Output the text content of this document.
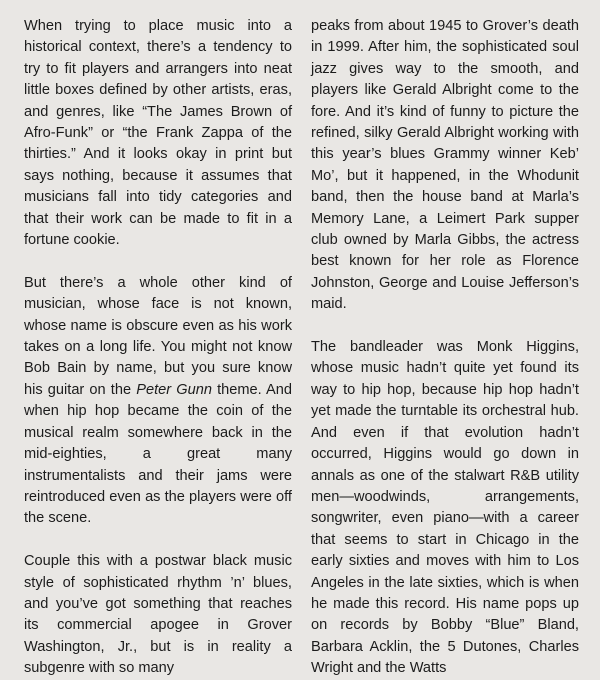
When trying to place music into a historical context, there’s a tendency to try to fit players and arrangers into neat little boxes defined by other artists, eras, and genres, like “The James Brown of Afro-Funk” or “the Frank Zappa of the thirties.” And it looks okay in print but says nothing, because it assumes that musicians fall into tidy categories and that their work can be made to fit in a fortune cookie.

But there’s a whole other kind of musician, whose face is not known, whose name is obscure even as his work takes on a long life. You might not know Bob Bain by name, but you sure know his guitar on the Peter Gunn theme. And when hip hop became the coin of the musical realm somewhere back in the mid-eighties, a great many instrumentalists and their jams were reintroduced even as the players were off the scene.

Couple this with a postwar black music style of sophisticated rhythm ’n’ blues, and you’ve got something that reaches its commercial apogee in Grover Washington, Jr., but is in reality a subgenre with so many

peaks from about 1945 to Grover’s death in 1999. After him, the sophisticated soul jazz gives way to the smooth, and players like Gerald Albright come to the fore. And it’s kind of funny to picture the refined, silky Gerald Albright working with this year’s blues Grammy winner Keb’ Mo’, but it happened, in the Whodunit band, then the house band at Marla’s Memory Lane, a Leimert Park supper club owned by Marla Gibbs, the actress best known for her role as Florence Johnston, George and Louise Jefferson’s maid.

The bandleader was Monk Higgins, whose music hadn’t quite yet found its way to hip hop, because hip hop hadn’t yet made the turntable its orchestral hub. And even if that evolution hadn’t occurred, Higgins would go down in annals as one of the stalwart R&B utility men—woodwinds, arrangements, songwriter, even piano—with a career that seems to start in Chicago in the early sixties and moves with him to Los Angeles in the late sixties, which is when he made this record. His name pops up on records by Bobby “Blue” Bland, Barbara Acklin, the 5 Dutones, Charles Wright and the Watts
